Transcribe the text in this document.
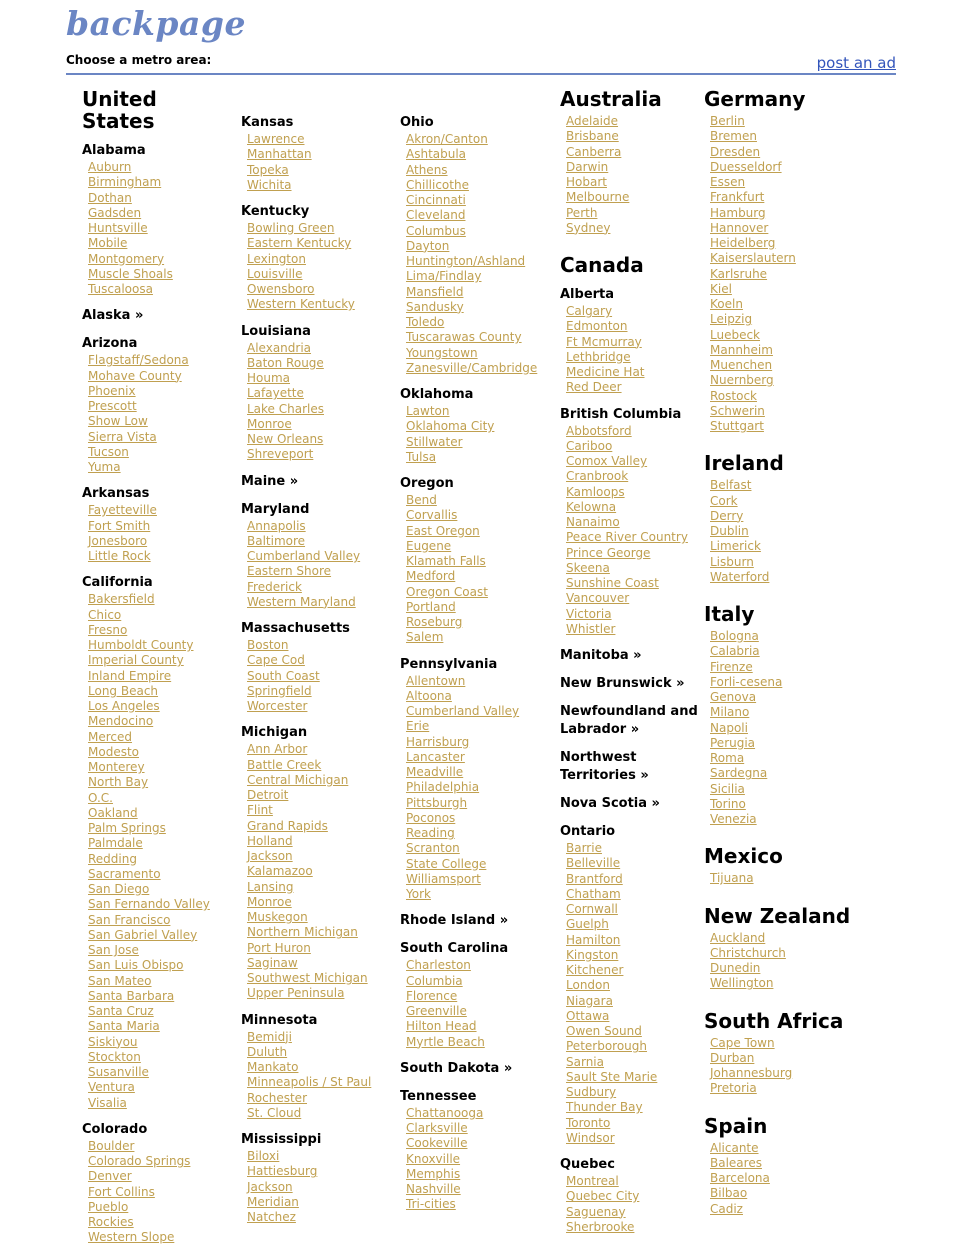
backpage
Choose a metro area:	post an ad
United States
Alabama
Auburn
Birmingham
Dothan
Gadsden
Huntsville
Mobile
Montgomery
Muscle Shoals
Tuscaloosa
Alaska »
Arizona
Flagstaff/Sedona
Mohave County
Phoenix
Prescott
Show Low
Sierra Vista
Tucson
Yuma
Arkansas
Fayetteville
Fort Smith
Jonesboro
Little Rock
California
Bakersfield
Chico
Fresno
Humboldt County
Imperial County
Inland Empire
Long Beach
Los Angeles
Mendocino
Merced
Modesto
Monterey
North Bay
O.C.
Oakland
Palm Springs
Palmdale
Redding
Sacramento
San Diego
San Fernando Valley
San Francisco
San Gabriel Valley
San Jose
San Luis Obispo
San Mateo
Santa Barbara
Santa Cruz
Santa Maria
Siskiyou
Stockton
Susanville
Ventura
Visalia
Colorado
Boulder
Colorado Springs
Denver
Fort Collins
Pueblo
Rockies
Western Slope
Kansas
Lawrence
Manhattan
Topeka
Wichita
Kentucky
Bowling Green
Eastern Kentucky
Lexington
Louisville
Owensboro
Western Kentucky
Louisiana
Alexandria
Baton Rouge
Houma
Lafayette
Lake Charles
Monroe
New Orleans
Shreveport
Maine »
Maryland
Annapolis
Baltimore
Cumberland Valley
Eastern Shore
Frederick
Western Maryland
Massachusetts
Boston
Cape Cod
South Coast
Springfield
Worcester
Michigan
Ann Arbor
Battle Creek
Central Michigan
Detroit
Flint
Grand Rapids
Holland
Jackson
Kalamazoo
Lansing
Monroe
Muskegon
Northern Michigan
Port Huron
Saginaw
Southwest Michigan
Upper Peninsula
Minnesota
Bemidji
Duluth
Mankato
Minneapolis / St Paul
Rochester
St. Cloud
Mississippi
Biloxi
Hattiesburg
Jackson
Meridian
Natchez
Ohio
Akron/Canton
Ashtabula
Athens
Chillicothe
Cincinnati
Cleveland
Columbus
Dayton
Huntington/Ashland
Lima/Findlay
Mansfield
Sandusky
Toledo
Tuscarawas County
Youngstown
Zanesville/Cambridge
Oklahoma
Lawton
Oklahoma City
Stillwater
Tulsa
Oregon
Bend
Corvallis
East Oregon
Eugene
Klamath Falls
Medford
Oregon Coast
Portland
Roseburg
Salem
Pennsylvania
Allentown
Altoona
Cumberland Valley
Erie
Harrisburg
Lancaster
Meadville
Philadelphia
Pittsburgh
Poconos
Reading
Scranton
State College
Williamsport
York
Rhode Island »
South Carolina
Charleston
Columbia
Florence
Greenville
Hilton Head
Myrtle Beach
South Dakota »
Tennessee
Chattanooga
Clarksville
Cookeville
Knoxville
Memphis
Nashville
Tri-cities
Australia
Adelaide
Brisbane
Canberra
Darwin
Hobart
Melbourne
Perth
Sydney
Canada
Alberta
Calgary
Edmonton
Ft Mcmurray
Lethbridge
Medicine Hat
Red Deer
British Columbia
Abbotsford
Cariboo
Comox Valley
Cranbrook
Kamloops
Kelowna
Nanaimo
Peace River Country
Prince George
Skeena
Sunshine Coast
Vancouver
Victoria
Whistler
Manitoba »
New Brunswick »
Newfoundland and Labrador »
Northwest Territories »
Nova Scotia »
Ontario
Barrie
Belleville
Brantford
Chatham
Cornwall
Guelph
Hamilton
Kingston
Kitchener
London
Niagara
Ottawa
Owen Sound
Peterborough
Sarnia
Sault Ste Marie
Sudbury
Thunder Bay
Toronto
Windsor
Quebec
Montreal
Quebec City
Saguenay
Sherbrooke
Germany
Berlin
Bremen
Dresden
Duesseldorf
Essen
Frankfurt
Hamburg
Hannover
Heidelberg
Kaiserslautern
Karlsruhe
Kiel
Koeln
Leipzig
Luebeck
Mannheim
Muenchen
Nuernberg
Rostock
Schwerin
Stuttgart
Ireland
Belfast
Cork
Derry
Dublin
Limerick
Lisburn
Waterford
Italy
Bologna
Calabria
Firenze
Forli-cesena
Genova
Milano
Napoli
Perugia
Roma
Sardegna
Sicilia
Torino
Venezia
Mexico
Tijuana
New Zealand
Auckland
Christchurch
Dunedin
Wellington
South Africa
Cape Town
Durban
Johannesburg
Pretoria
Spain
Alicante
Baleares
Barcelona
Bilbao
Cadiz
